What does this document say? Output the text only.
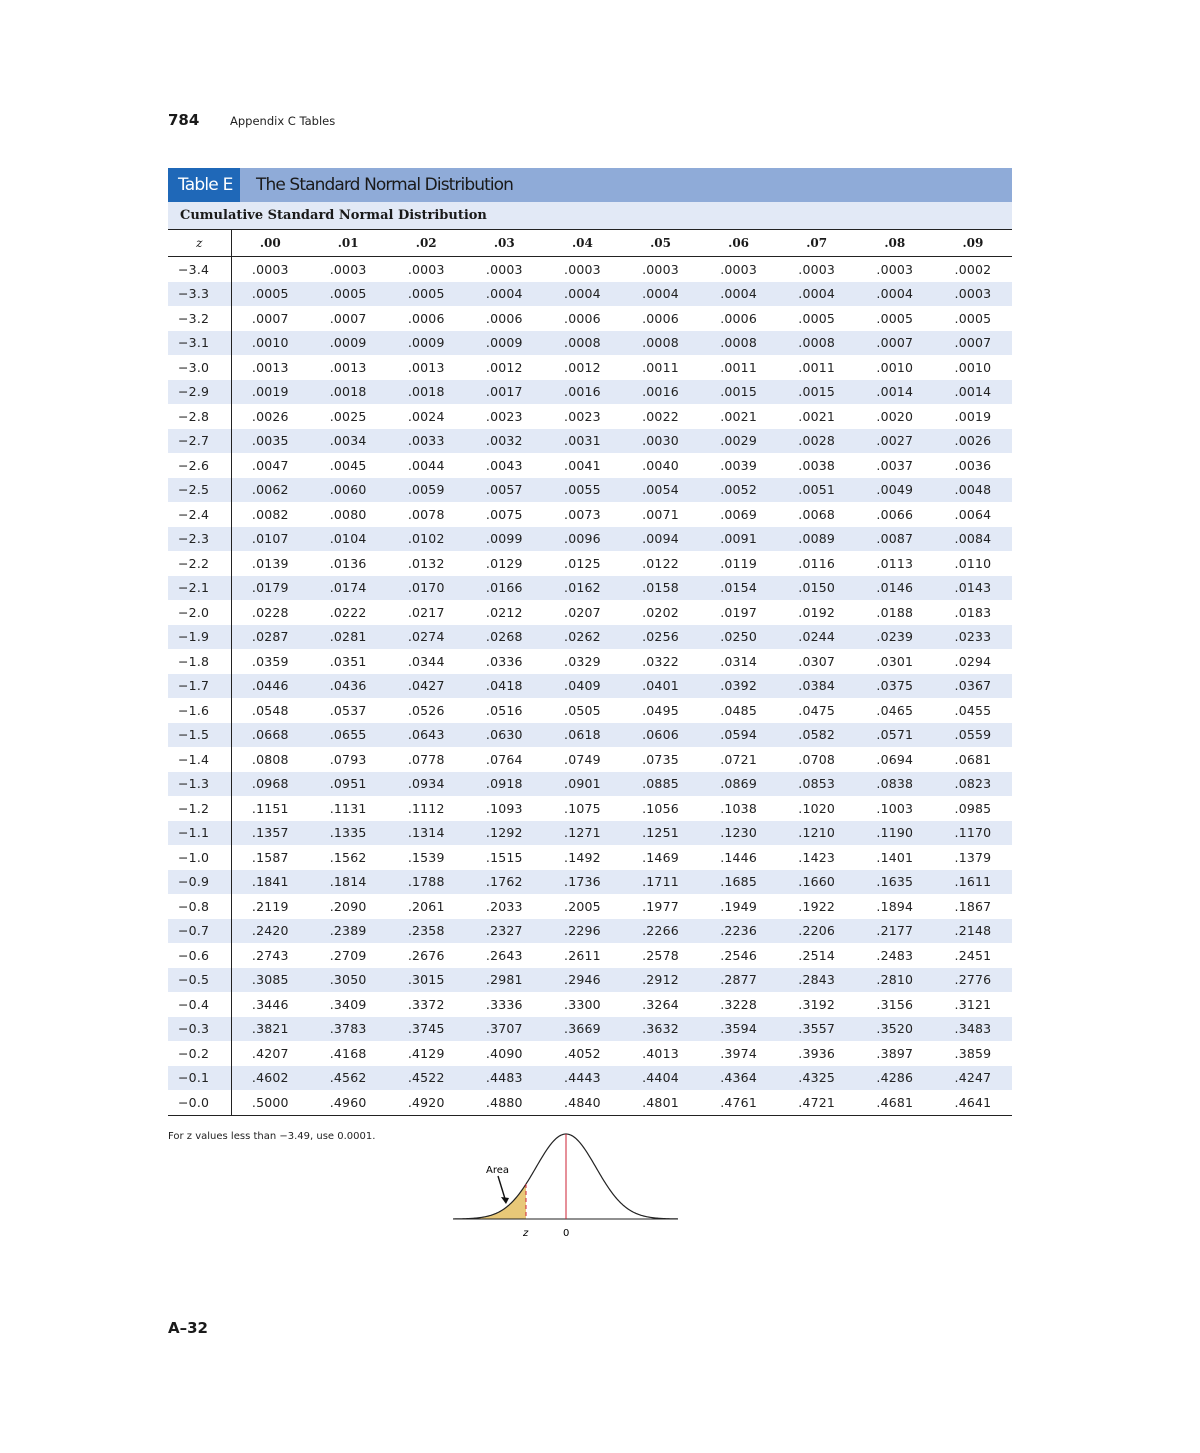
784	Appendix C Tables
Table E	The Standard Normal Distribution
Cumulative Standard Normal Distribution
z	.00	.01	.02	.03	.04	.05	.06	.07	.08	.09
−3.4	.0003	.0003	.0003	.0003	.0003	.0003	.0003	.0003	.0003	.0002
−3.3	.0005	.0005	.0005	.0004	.0004	.0004	.0004	.0004	.0004	.0003
−3.2	.0007	.0007	.0006	.0006	.0006	.0006	.0006	.0005	.0005	.0005
−3.1	.0010	.0009	.0009	.0009	.0008	.0008	.0008	.0008	.0007	.0007
−3.0	.0013	.0013	.0013	.0012	.0012	.0011	.0011	.0011	.0010	.0010
−2.9	.0019	.0018	.0018	.0017	.0016	.0016	.0015	.0015	.0014	.0014
−2.8	.0026	.0025	.0024	.0023	.0023	.0022	.0021	.0021	.0020	.0019
−2.7	.0035	.0034	.0033	.0032	.0031	.0030	.0029	.0028	.0027	.0026
−2.6	.0047	.0045	.0044	.0043	.0041	.0040	.0039	.0038	.0037	.0036
−2.5	.0062	.0060	.0059	.0057	.0055	.0054	.0052	.0051	.0049	.0048
−2.4	.0082	.0080	.0078	.0075	.0073	.0071	.0069	.0068	.0066	.0064
−2.3	.0107	.0104	.0102	.0099	.0096	.0094	.0091	.0089	.0087	.0084
−2.2	.0139	.0136	.0132	.0129	.0125	.0122	.0119	.0116	.0113	.0110
−2.1	.0179	.0174	.0170	.0166	.0162	.0158	.0154	.0150	.0146	.0143
−2.0	.0228	.0222	.0217	.0212	.0207	.0202	.0197	.0192	.0188	.0183
−1.9	.0287	.0281	.0274	.0268	.0262	.0256	.0250	.0244	.0239	.0233
−1.8	.0359	.0351	.0344	.0336	.0329	.0322	.0314	.0307	.0301	.0294
−1.7	.0446	.0436	.0427	.0418	.0409	.0401	.0392	.0384	.0375	.0367
−1.6	.0548	.0537	.0526	.0516	.0505	.0495	.0485	.0475	.0465	.0455
−1.5	.0668	.0655	.0643	.0630	.0618	.0606	.0594	.0582	.0571	.0559
−1.4	.0808	.0793	.0778	.0764	.0749	.0735	.0721	.0708	.0694	.0681
−1.3	.0968	.0951	.0934	.0918	.0901	.0885	.0869	.0853	.0838	.0823
−1.2	.1151	.1131	.1112	.1093	.1075	.1056	.1038	.1020	.1003	.0985
−1.1	.1357	.1335	.1314	.1292	.1271	.1251	.1230	.1210	.1190	.1170
−1.0	.1587	.1562	.1539	.1515	.1492	.1469	.1446	.1423	.1401	.1379
−0.9	.1841	.1814	.1788	.1762	.1736	.1711	.1685	.1660	.1635	.1611
−0.8	.2119	.2090	.2061	.2033	.2005	.1977	.1949	.1922	.1894	.1867
−0.7	.2420	.2389	.2358	.2327	.2296	.2266	.2236	.2206	.2177	.2148
−0.6	.2743	.2709	.2676	.2643	.2611	.2578	.2546	.2514	.2483	.2451
−0.5	.3085	.3050	.3015	.2981	.2946	.2912	.2877	.2843	.2810	.2776
−0.4	.3446	.3409	.3372	.3336	.3300	.3264	.3228	.3192	.3156	.3121
−0.3	.3821	.3783	.3745	.3707	.3669	.3632	.3594	.3557	.3520	.3483
−0.2	.4207	.4168	.4129	.4090	.4052	.4013	.3974	.3936	.3897	.3859
−0.1	.4602	.4562	.4522	.4483	.4443	.4404	.4364	.4325	.4286	.4247
−0.0	.5000	.4960	.4920	.4880	.4840	.4801	.4761	.4721	.4681	.4641
For z values less than −3.49, use 0.0001.
Area
z	0
A–32
